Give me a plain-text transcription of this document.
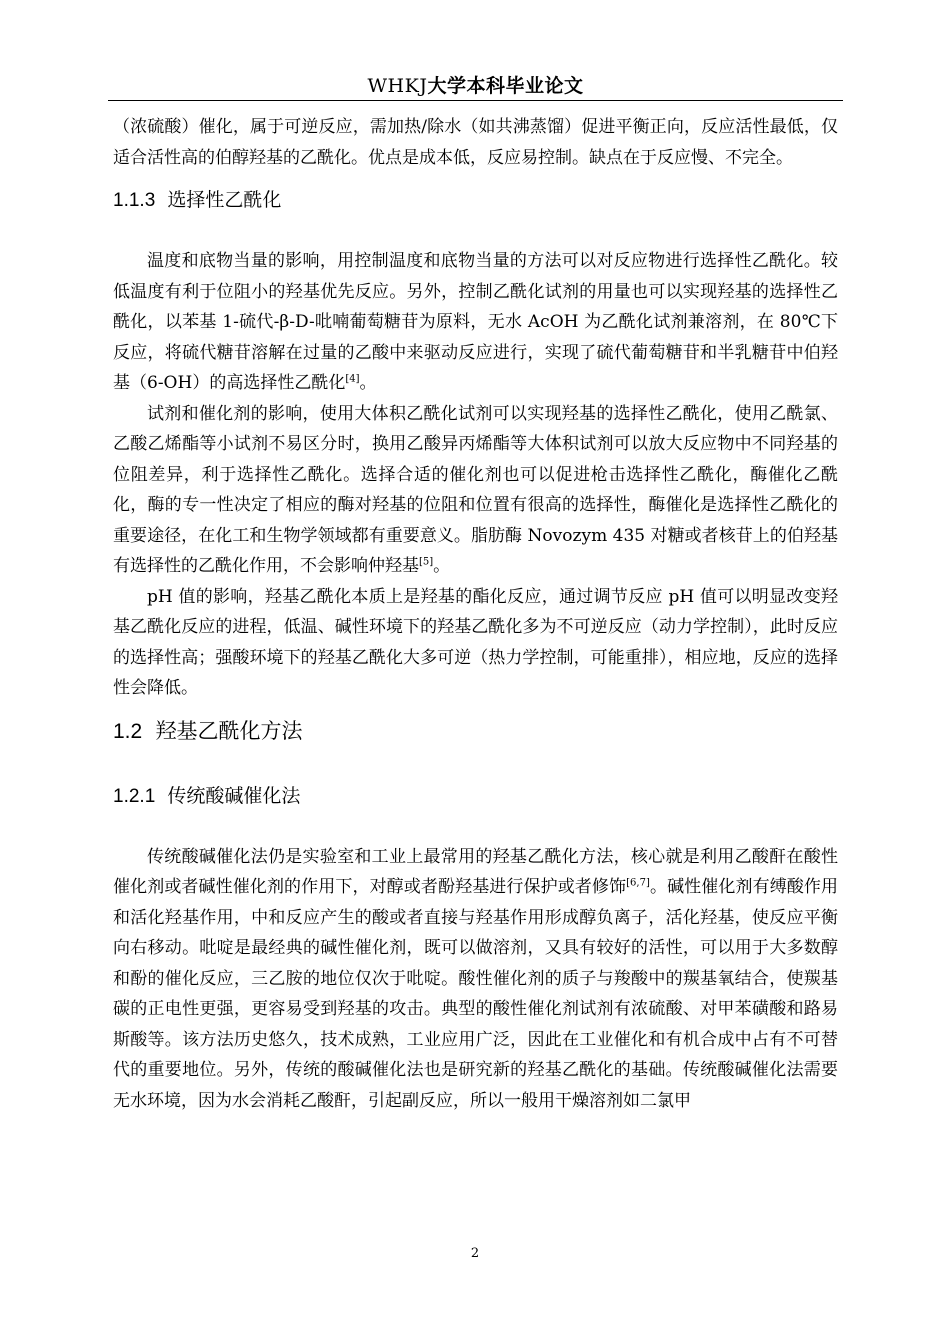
WHKJ大学本科毕业论文

（浓硫酸）催化，属于可逆反应，需加热/除水（如共沸蒸馏）促进平衡正向，反应活性最低，仅适合活性高的伯醇羟基的乙酰化。优点是成本低，反应易控制。缺点在于反应慢、不完全。

1.1.3 选择性乙酰化

温度和底物当量的影响，用控制温度和底物当量的方法可以对反应物进行选择性乙酰化。较低温度有利于位阻小的羟基优先反应。另外，控制乙酰化试剂的用量也可以实现羟基的选择性乙酰化，以苯基 1-硫代-β-D-吡喃葡萄糖苷为原料，无水 AcOH 为乙酰化试剂兼溶剂，在 80℃下反应，将硫代糖苷溶解在过量的乙酸中来驱动反应进行，实现了硫代葡萄糖苷和半乳糖苷中伯羟基（6-OH）的高选择性乙酰化[4]。

试剂和催化剂的影响，使用大体积乙酰化试剂可以实现羟基的选择性乙酰化，使用乙酰氯、乙酸乙烯酯等小试剂不易区分时，换用乙酸异丙烯酯等大体积试剂可以放大反应物中不同羟基的位阻差异，利于选择性乙酰化。选择合适的催化剂也可以促进枪击选择性乙酰化，酶催化乙酰化，酶的专一性决定了相应的酶对羟基的位阻和位置有很高的选择性，酶催化是选择性乙酰化的重要途径，在化工和生物学领域都有重要意义。脂肪酶 Novozym 435 对糖或者核苷上的伯羟基有选择性的乙酰化作用，不会影响仲羟基[5]。

pH 值的影响，羟基乙酰化本质上是羟基的酯化反应，通过调节反应 pH 值可以明显改变羟基乙酰化反应的进程，低温、碱性环境下的羟基乙酰化多为不可逆反应（动力学控制），此时反应的选择性高；强酸环境下的羟基乙酰化大多可逆（热力学控制，可能重排），相应地，反应的选择性会降低。

1.2 羟基乙酰化方法
1.2.1 传统酸碱催化法

传统酸碱催化法仍是实验室和工业上最常用的羟基乙酰化方法，核心就是利用乙酸酐在酸性催化剂或者碱性催化剂的作用下，对醇或者酚羟基进行保护或者修饰[6,7]。碱性催化剂有缚酸作用和活化羟基作用，中和反应产生的酸或者直接与羟基作用形成醇负离子，活化羟基，使反应平衡向右移动。吡啶是最经典的碱性催化剂，既可以做溶剂，又具有较好的活性，可以用于大多数醇和酚的催化反应，三乙胺的地位仅次于吡啶。酸性催化剂的质子与羧酸中的羰基氧结合，使羰基碳的正电性更强，更容易受到羟基的攻击。典型的酸性催化剂试剂有浓硫酸、对甲苯磺酸和路易斯酸等。该方法历史悠久，技术成熟，工业应用广泛，因此在工业催化和有机合成中占有不可替代的重要地位。另外，传统的酸碱催化法也是研究新的羟基乙酰化的基础。传统酸碱催化法需要无水环境，因为水会消耗乙酸酐，引起副反应，所以一般用干燥溶剂如二氯甲

2
